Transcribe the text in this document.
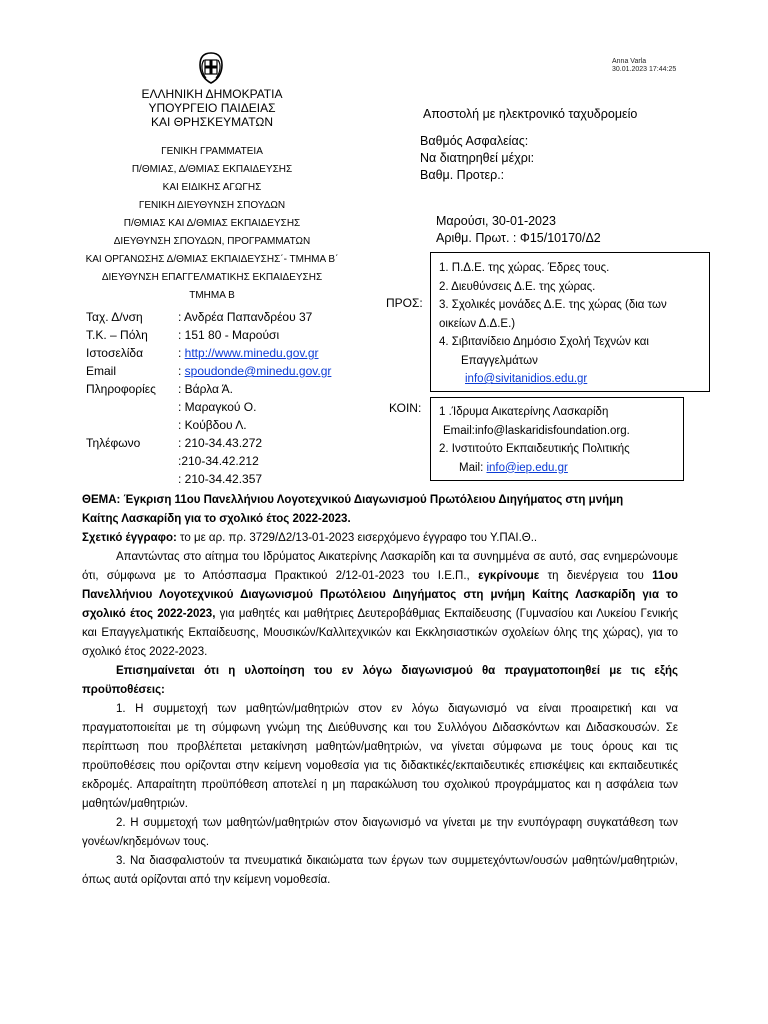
Anna Varla
30.01.2023 17:44:25
ΕΛΛΗΝΙΚΗ ΔΗΜΟΚΡΑΤΙΑ
ΥΠΟΥΡΓΕΙΟ ΠΑΙΔΕΙΑΣ
ΚΑΙ ΘΡΗΣΚΕΥΜΑΤΩΝ
ΓΕΝΙΚΗ ΓΡΑΜΜΑΤΕΙΑ
Π/ΘΜΙΑΣ, Δ/ΘΜΙΑΣ ΕΚΠΑΙΔΕΥΣΗΣ
ΚΑΙ ΕΙΔΙΚΗΣ ΑΓΩΓΗΣ
ΓΕΝΙΚΗ ΔΙΕΥΘΥΝΣΗ ΣΠΟΥΔΩΝ
Π/ΘΜΙΑΣ ΚΑΙ Δ/ΘΜΙΑΣ ΕΚΠΑΙΔΕΥΣΗΣ
ΔΙΕΥΘΥΝΣΗ ΣΠΟΥΔΩΝ, ΠΡΟΓΡΑΜΜΑΤΩΝ
ΚΑΙ ΟΡΓΑΝΩΣΗΣ Δ/ΘΜΙΑΣ ΕΚΠΑΙΔΕΥΣΗΣ΄- ΤΜΗΜΑ Β΄
ΔΙΕΥΘΥΝΣΗ ΕΠΑΓΓΕΛΜΑΤΙΚΗΣ ΕΚΠΑΙΔΕΥΣΗΣ
ΤΜΗΜΑ Β
Αποστολή με ηλεκτρονικό ταχυδρομείο
Βαθμός Ασφαλείας:
Να διατηρηθεί μέχρι:
Βαθμ. Προτερ.:
Μαρούσι, 30-01-2023
Αριθμ. Πρωτ. : Φ15/10170/Δ2
Ταχ. Δ/νση	: Ανδρέα Παπανδρέου 37
Τ.Κ. – Πόλη	: 151 80 - Μαρούσι
Ιστοσελίδα	: http://www.minedu.gov.gr
Email	: spoudonde@minedu.gov.gr
Πληροφορίες : Βάρλα Ά.
: Μαραγκού Ο.
: Κούβδου Λ.
Τηλέφωνο	: 210-34.43.272
:210-34.42.212
: 210-34.42.357
ΠΡΟΣ:
1. Π.Δ.Ε. της χώρας. Έδρες τους.
2. Διευθύνσεις Δ.Ε. της χώρας.
3. Σχολικές μονάδες Δ.Ε. της χώρας (δια των
οικείων Δ.Δ.Ε.)
4. Σιβιτανίδειο Δημόσιο Σχολή Τεχνών και
Επαγγελμάτων
info@sivitanidios.edu.gr
ΚΟΙΝ: 1 .Ίδρυμα Αικατερίνης Λασκαρίδη
Email:info@laskaridisfoundation.org.
2. Ινστιτούτο Εκπαιδευτικής Πολιτικής
Mail: info@iep.edu.gr
ΘΕΜΑ: Έγκριση 11ου Πανελλήνιου Λογοτεχνικού Διαγωνισμού Πρωτόλειου Διηγήματος στη μνήμη
Καίτης Λασκαρίδη για το σχολικό έτος 2022-2023.
Σχετικό έγγραφο: το με αρ. πρ. 3729/Δ2/13-01-2023 εισερχόμενο έγγραφο του Υ.ΠΑΙ.Θ..

Απαντώντας στο αίτημα του Ιδρύματος Αικατερίνης Λασκαρίδη και τα συνημμένα σε αυτό, σας ενημερώνουμε ότι, σύμφωνα με το Απόσπασμα Πρακτικού 2/12-01-2023 του Ι.Ε.Π., εγκρίνουμε τη διενέργεια του 11ου Πανελλήνιου Λογοτεχνικού Διαγωνισμού Πρωτόλειου Διηγήματος στη μνήμη Καίτης Λασκαρίδη για το σχολικό έτος 2022-2023, για μαθητές και μαθήτριες Δευτεροβάθμιας Εκπαίδευσης (Γυμνασίου και Λυκείου Γενικής και Επαγγελματικής Εκπαίδευσης, Μουσικών/Καλλιτεχνικών και Εκκλησιαστικών σχολείων όλης της χώρας), για το σχολικό έτος 2022-2023.

Επισημαίνεται ότι η υλοποίηση του εν λόγω διαγωνισμού θα πραγματοποιηθεί με τις εξής προϋποθέσεις:

1. Η συμμετοχή των μαθητών/μαθητριών στον εν λόγω διαγωνισμό να είναι προαιρετική και να πραγματοποιείται με τη σύμφωνη γνώμη της Διεύθυνσης και του Συλλόγου Διδασκόντων και Διδασκουσών. Σε περίπτωση που προβλέπεται μετακίνηση μαθητών/μαθητριών, να γίνεται σύμφωνα με τους όρους και τις προϋποθέσεις που ορίζονται στην κείμενη νομοθεσία για τις διδακτικές/εκπαιδευτικές επισκέψεις και εκπαιδευτικές εκδρομές. Απαραίτητη προϋπόθεση αποτελεί η μη παρακώλυση του σχολικού προγράμματος και η ασφάλεια των μαθητών/μαθητριών.

2. Η συμμετοχή των μαθητών/μαθητριών στον διαγωνισμό να γίνεται με την ενυπόγραφη συγκατάθεση των γονέων/κηδεμόνων τους.

3. Να διασφαλιστούν τα πνευματικά δικαιώματα των έργων των συμμετεχόντων/ουσών μαθητών/μαθητριών, όπως αυτά ορίζονται από την κείμενη νομοθεσία.
